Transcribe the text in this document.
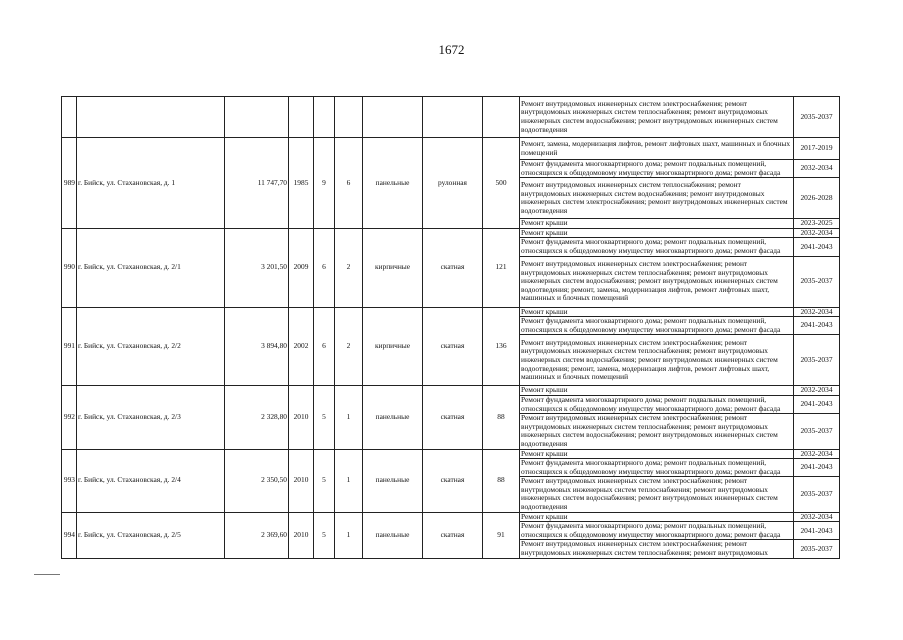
1672
									Ремонт внутридомовых инженерных систем электроснабжения; ремонт внутридомовых инженерных систем теплоснабжения; ремонт внутридомовых инженерных систем водоснабжения; ремонт внутридомовых инженерных систем водоотведения	2035-2037
989	г. Бийск, ул. Стахановская, д. 1	11 747,70	1985	9	6	панельные	рулонная	500	Ремонт, замена, модернизация лифтов, ремонт лифтовых шахт, машинных и блочных помещений	2017-2019
									Ремонт фундамента многоквартирного дома; ремонт подвальных помещений, относящихся к общедомовому имуществу многоквартирного дома; ремонт фасада	2032-2034
									Ремонт внутридомовых инженерных систем теплоснабжения; ремонт внутридомовых инженерных систем водоснабжения; ремонт внутридомовых инженерных систем электроснабжения; ремонт внутридомовых инженерных систем водоотведения	2026-2028
									Ремонт крыши	2023-2025
990	г. Бийск, ул. Стахановская, д. 2/1	3 201,50	2009	6	2	кирпичные	скатная	121	Ремонт крыши	2032-2034
									Ремонт фундамента многоквартирного дома; ремонт подвальных помещений, относящихся к общедомовому имуществу многоквартирного дома; ремонт фасада	2041-2043
									Ремонт внутридомовых инженерных систем электроснабжения; ремонт внутридомовых инженерных систем теплоснабжения; ремонт внутридомовых инженерных систем водоснабжения; ремонт внутридомовых инженерных систем водоотведения; ремонт, замена, модернизация лифтов, ремонт лифтовых шахт, машинных и блочных помещений	2035-2037
991	г. Бийск, ул. Стахановская, д. 2/2	3 894,80	2002	6	2	кирпичные	скатная	136	Ремонт крыши	2032-2034
									Ремонт фундамента многоквартирного дома; ремонт подвальных помещений, относящихся к общедомовому имуществу многоквартирного дома; ремонт фасада	2041-2043
									Ремонт внутридомовых инженерных систем электроснабжения; ремонт внутридомовых инженерных систем теплоснабжения; ремонт внутридомовых инженерных систем водоснабжения; ремонт внутридомовых инженерных систем водоотведения; ремонт, замена, модернизация лифтов, ремонт лифтовых шахт, машинных и блочных помещений	2035-2037
992	г. Бийск, ул. Стахановская, д. 2/3	2 328,80	2010	5	1	панельные	скатная	88	Ремонт крыши	2032-2034
									Ремонт фундамента многоквартирного дома; ремонт подвальных помещений, относящихся к общедомовому имуществу многоквартирного дома; ремонт фасада	2041-2043
									Ремонт внутридомовых инженерных систем электроснабжения; ремонт внутридомовых инженерных систем теплоснабжения; ремонт внутридомовых инженерных систем водоснабжения; ремонт внутридомовых инженерных систем водоотведения	2035-2037
993	г. Бийск, ул. Стахановская, д. 2/4	2 350,50	2010	5	1	панельные	скатная	88	Ремонт крыши	2032-2034
									Ремонт фундамента многоквартирного дома; ремонт подвальных помещений, относящихся к общедомовому имуществу многоквартирного дома; ремонт фасада	2041-2043
									Ремонт внутридомовых инженерных систем электроснабжения; ремонт внутридомовых инженерных систем теплоснабжения; ремонт внутридомовых инженерных систем водоснабжения; ремонт внутридомовых инженерных систем водоотведения	2035-2037
994	г. Бийск, ул. Стахановская, д. 2/5	2 369,60	2010	5	1	панельные	скатная	91	Ремонт крыши	2032-2034
									Ремонт фундамента многоквартирного дома; ремонт подвальных помещений, относящихся к общедомовому имуществу многоквартирного дома; ремонт фасада	2041-2043
									Ремонт внутридомовых инженерных систем электроснабжения; ремонт внутридомовых инженерных систем теплоснабжения; ремонт внутридомовых	2035-2037
